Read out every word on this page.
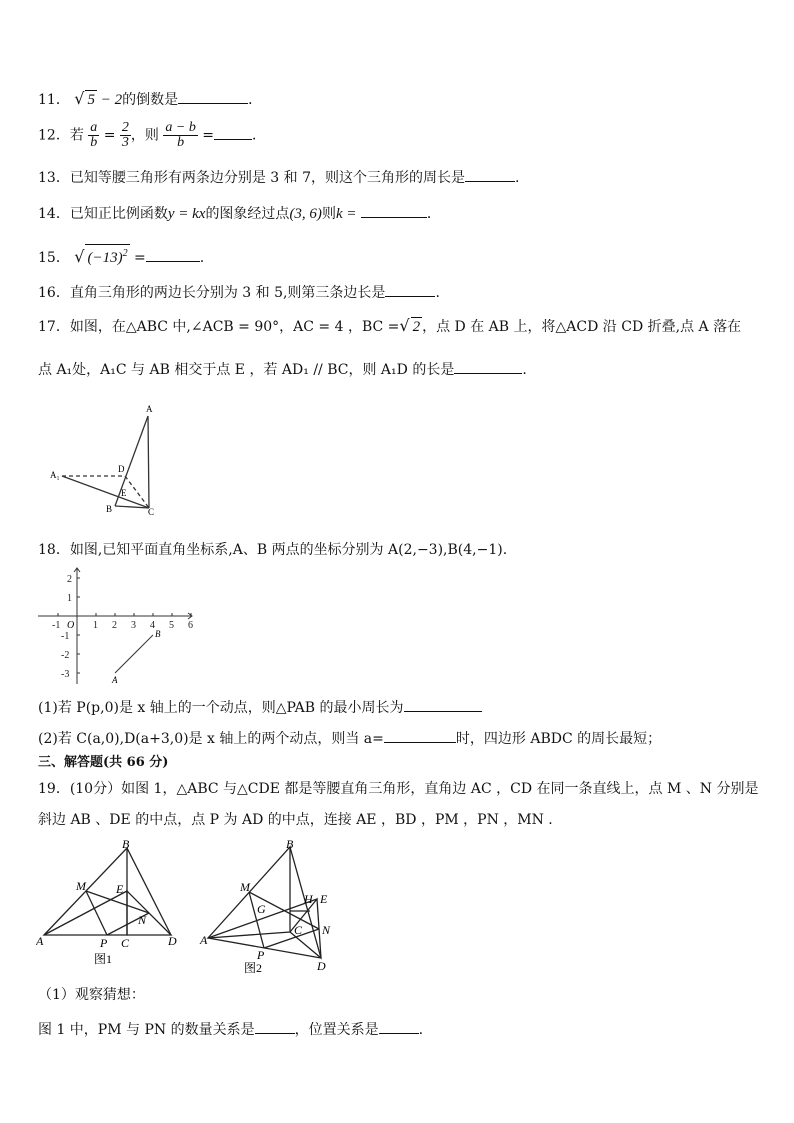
11． √ 5 − 2的倒数是	．
12．若 $\frac{a}{b} = \frac{2}{3}$ ，则 $\frac{a - b}{b}$ =	．
13．已知等腰三角形有两条边分别是 3 和 7，则这个三角形的周长是	.
14．已知正比例函数y = kx的图象经过点(3, 6)则k =	．
15． √ $(-13)^2$ =	.
16．直角三角形的两边长分别为 3 和 5,则第三条边长是	.
17．如图，在△ABC 中,∠ACB = 90°，AC = 4 ，BC =√ 2 ，点 D 在 AB 上，将△ACD 沿 CD 折叠,点 A 落在
点 A₁处，A₁C 与 AB 相交于点 E ，若 AD₁ // BC，则 A₁D 的长是	.
A
A₁
D
E
B	C
18．如图,已知平面直角坐标系,A、B 两点的坐标分别为 A(2,−3),B(4,−1).
-1	1 2 3 4 5 6
2
1
-1
-2
-3
O
A
B
(1)若 P(p,0)是 x 轴上的一个动点，则△PAB 的最小周长为
(2)若 C(a,0),D(a+3,0)是 x 轴上的两个动点，则当 a=	时，四边形 ABDC 的周长最短；
三、解答题(共 66 分)
19．(10分）如图 1，△ABC 与△CDE 都是等腰直角三角形，直角边 AC ，CD 在同一条直线上，点 M 、N 分别是
斜边 AB 、DE 的中点，点 P 为 AD 的中点，连接 AE ，BD ，PM ，PN ，MN .
B
M	E
N
A	P C	D
图1
B
M
G
H E
C N
A
P
D
图2
（1）观察猜想：
图 1 中，PM 与 PN 的数量关系是	，位置关系是	.
